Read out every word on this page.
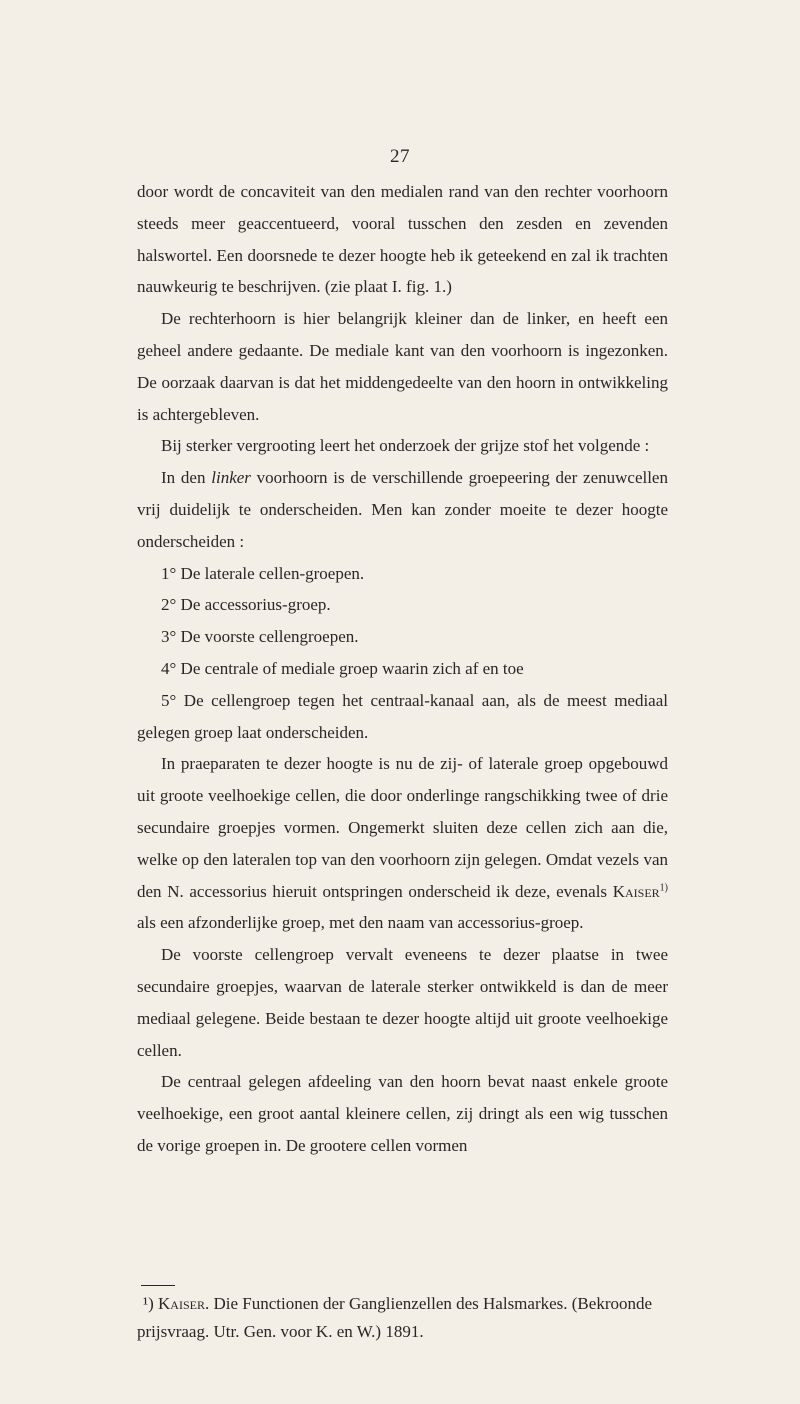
27

door wordt de concaviteit van den medialen rand van den rechter voorhoorn steeds meer geaccentueerd, vooral tusschen den zesden en zevenden halswortel. Een doorsnede te dezer hoogte heb ik geteekend en zal ik trachten nauwkeurig te beschrijven. (zie plaat I. fig. 1.)

De rechterhoorn is hier belangrijk kleiner dan de linker, en heeft een geheel andere gedaante. De mediale kant van den voorhoorn is ingezonken. De oorzaak daarvan is dat het middengedeelte van den hoorn in ontwikkeling is achtergebleven.

Bij sterker vergrooting leert het onderzoek der grijze stof het volgende :

In den linker voorhoorn is de verschillende groepeering der zenuwcellen vrij duidelijk te onderscheiden. Men kan zonder moeite te dezer hoogte onderscheiden :

1° De laterale cellen-groepen.

2° De accessorius-groep.

3° De voorste cellengroepen.

4° De centrale of mediale groep waarin zich af en toe

5° De cellengroep tegen het centraal-kanaal aan, als de meest mediaal gelegen groep laat onderscheiden.

In praeparaten te dezer hoogte is nu de zij- of laterale groep opgebouwd uit groote veelhoekige cellen, die door onderlinge rangschikking twee of drie secundaire groepjes vormen. Ongemerkt sluiten deze cellen zich aan die, welke op den lateralen top van den voorhoorn zijn gelegen. Omdat vezels van den N. accessorius hieruit ontspringen onderscheid ik deze, evenals Kaiser$^{1)}$ als een afzonderlijke groep, met den naam van accessorius-groep.

De voorste cellengroep vervalt eveneens te dezer plaatse in twee secundaire groepjes, waarvan de laterale sterker ontwikkeld is dan de meer mediaal gelegene. Beide bestaan te dezer hoogte altijd uit groote veelhoekige cellen.

De centraal gelegen afdeeling van den hoorn bevat naast enkele groote veelhoekige, een groot aantal kleinere cellen, zij dringt als een wig tusschen de vorige groepen in. De grootere cellen vormen

¹) Kaiser. Die Functionen der Ganglienzellen des Halsmarkes. (Bekroonde prijsvraag. Utr. Gen. voor K. en W.) 1891.
